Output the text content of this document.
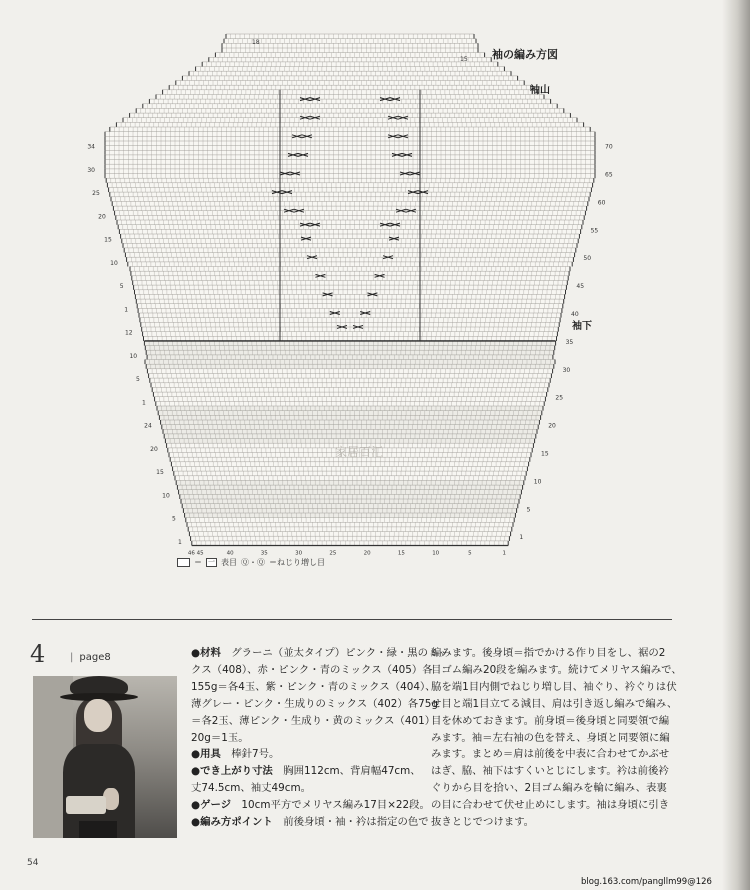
34
30
25
20
15
10
5
1
12
10
5
1
24
20
15
10
5
1
70
65
60
55
50
45
40
35
30
25
20
15
10
5
1
18
15
46 45	40	35	30	25	20	15	10	5	1
家居百汇
袖の編み方図
袖山
袖下
＝ 一 表目 Ⓠ・Ⓠ ＝ねじり増し目
4 | page8	●材料  グラーニ（並太タイプ）ピンク・緑・黒のミッ

クス（408）、赤・ピンク・青のミックス（405）各

155g＝各4玉、紫・ピンク・青のミックス（404）、

薄グレー・ピンク・生成りのミックス（402）各75g

＝各2玉、薄ピンク・生成り・黄のミックス（401）

20g＝1玉。

●用具  棒針7号。

●でき上がり寸法  胸囲112cm、背肩幅47cm、

丈74.5cm、袖丈49cm。

●ゲージ  10cm平方でメリヤス編み17目×22段。

●編み方ポイント  前後身頃・袖・衿は指定の色で

編みます。後身頃＝指でかける作り目をし、裾の2

目ゴム編み20段を編みます。続けてメリヤス編みで、

脇を端1目内側でねじり増し目、袖ぐり、衿ぐりは伏

せ目と端1目立てる減目、肩は引き返し編みで編み、

目を休めておきます。前身頃＝後身頃と同要領で編

みます。袖＝左右袖の色を替え、身頃と同要領に編

みます。まとめ＝肩は前後を中表に合わせてかぶせ

はぎ、脇、袖下はすくいとじにします。衿は前後衿

ぐりから目を拾い、2目ゴム編みを輪に編み、表裏

の目に合わせて伏せ止めにします。袖は身頃に引き

抜きとじでつけます。

54
blog.163.com/pangllm99@126
